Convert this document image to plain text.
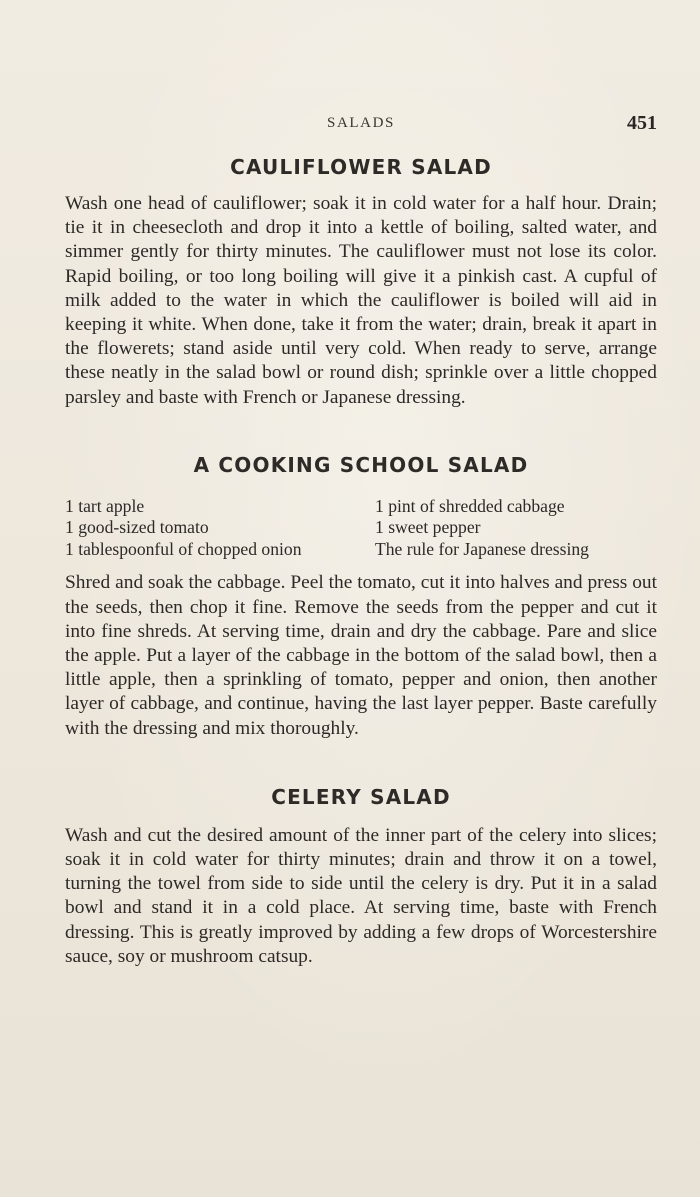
SALADS	451
CAULIFLOWER SALAD

Wash one head of cauliflower; soak it in cold water for a half hour. Drain; tie it in cheesecloth and drop it into a kettle of boiling, salted water, and simmer gently for thirty minutes. The cauliflower must not lose its color. Rapid boiling, or too long boiling will give it a pinkish cast. A cupful of milk added to the water in which the cauliflower is boiled will aid in keeping it white. When done, take it from the water; drain, break it apart in the flowerets; stand aside until very cold. When ready to serve, arrange these neatly in the salad bowl or round dish; sprinkle over a little chopped parsley and baste with French or Japanese dressing.

A COOKING SCHOOL SALAD
1 tart apple	1 pint of shredded cabbage
1 good-sized tomato	1 sweet pepper
1 tablespoonful of chopped onion	The rule for Japanese dressing

Shred and soak the cabbage. Peel the tomato, cut it into halves and press out the seeds, then chop it fine. Remove the seeds from the pepper and cut it into fine shreds. At serving time, drain and dry the cabbage. Pare and slice the apple. Put a layer of the cabbage in the bottom of the salad bowl, then a little apple, then a sprinkling of tomato, pepper and onion, then another layer of cabbage, and continue, having the last layer pepper. Baste carefully with the dressing and mix thoroughly.

CELERY SALAD

Wash and cut the desired amount of the inner part of the celery into slices; soak it in cold water for thirty minutes; drain and throw it on a towel, turning the towel from side to side until the celery is dry. Put it in a salad bowl and stand it in a cold place. At serving time, baste with French dressing. This is greatly improved by adding a few drops of Worcestershire sauce, soy or mushroom catsup.
